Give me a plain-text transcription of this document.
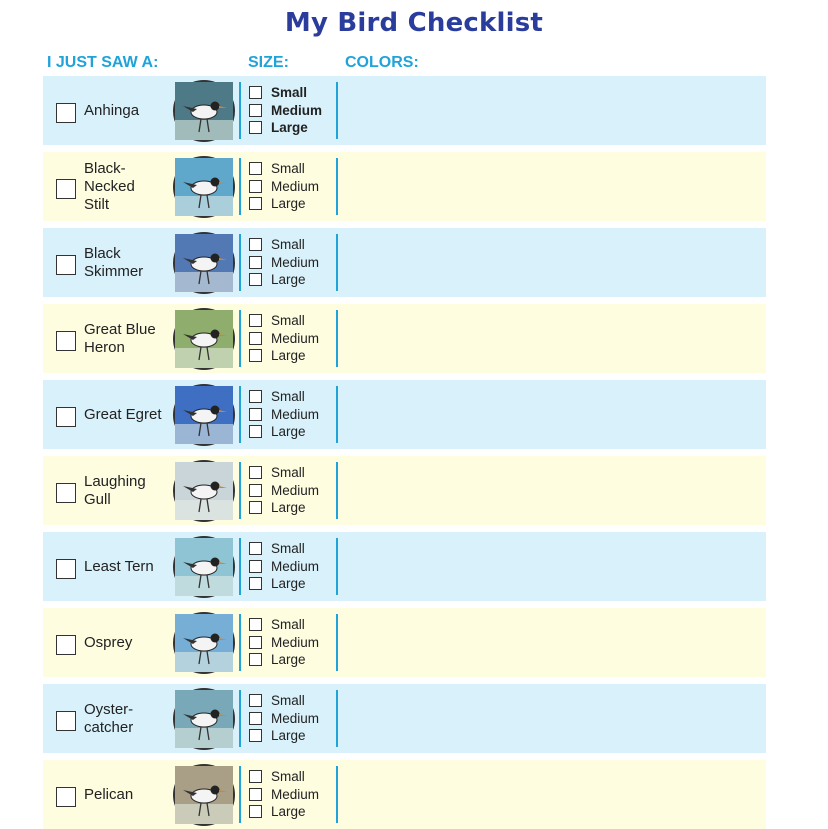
My Bird Checklist
I JUST SAW A:	SIZE:	COLORS:
Anhinga
Small
Medium
Large
Black-
Necked
Stilt
Small
Medium
Large
Black
Skimmer
Small
Medium
Large
Great Blue
Heron
Small
Medium
Large
Great Egret
Small
Medium
Large
Laughing
Gull
Small
Medium
Large
Least Tern
Small
Medium
Large
Osprey
Small
Medium
Large
Oyster-
catcher
Small
Medium
Large
Pelican
Small
Medium
Large
